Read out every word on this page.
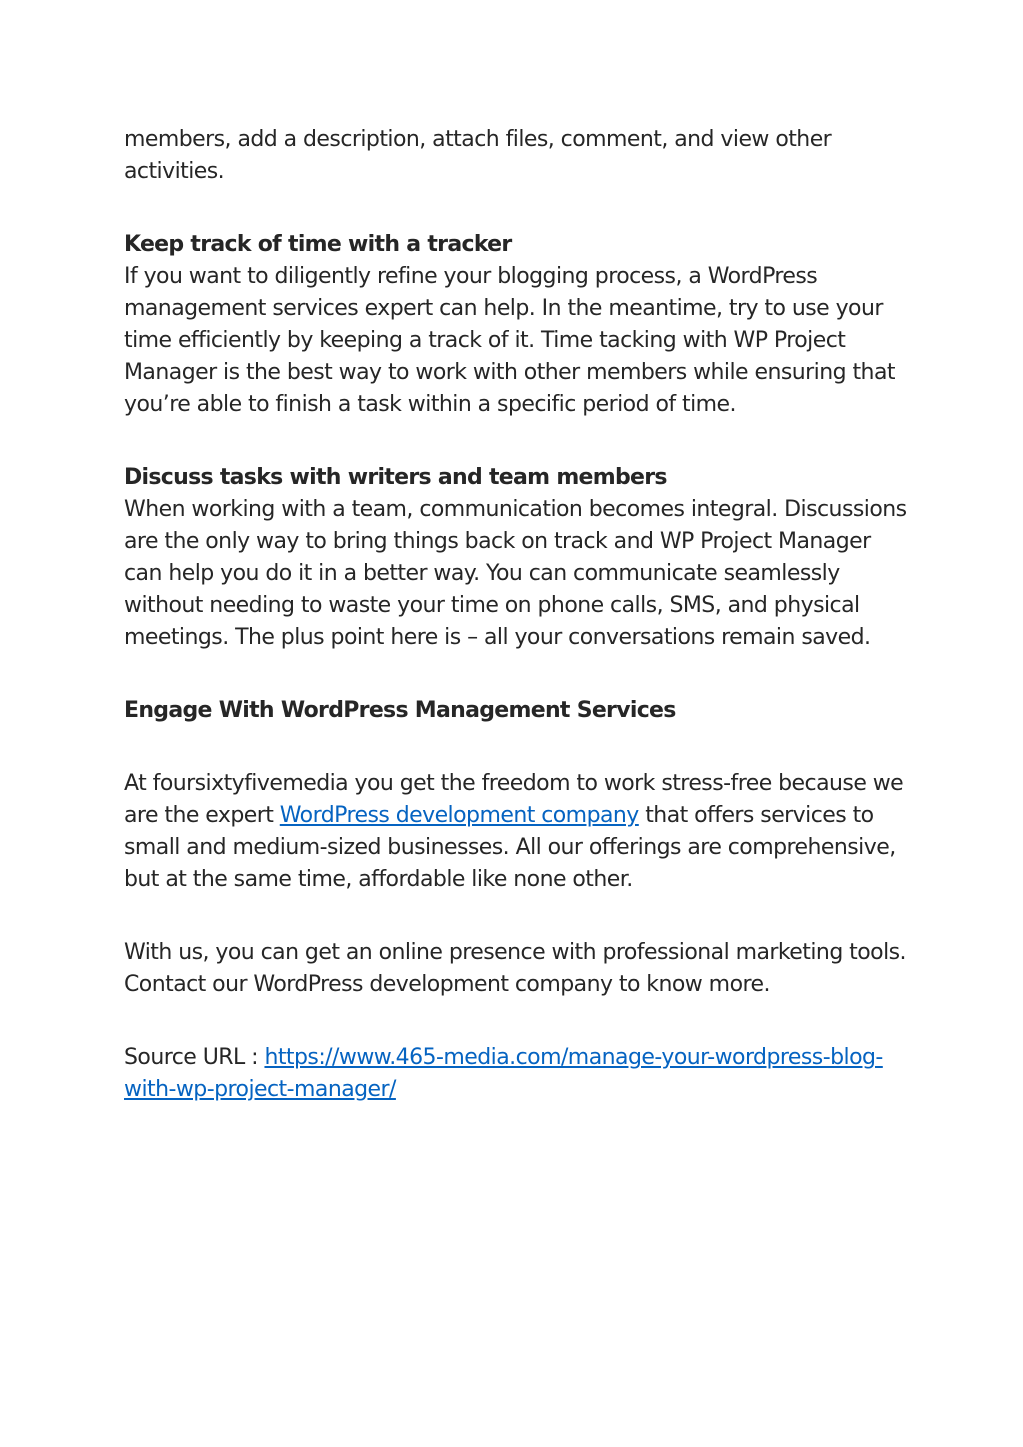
members, add a description, attach files, comment, and view other activities.

Keep track of time with a tracker

If you want to diligently refine your blogging process, a WordPress management services expert can help. In the meantime, try to use your time efficiently by keeping a track of it. Time tacking with WP Project Manager is the best way to work with other members while ensuring that you’re able to finish a task within a specific period of time.

Discuss tasks with writers and team members

When working with a team, communication becomes integral. Discussions are the only way to bring things back on track and WP Project Manager can help you do it in a better way. You can communicate seamlessly without needing to waste your time on phone calls, SMS, and physical meetings. The plus point here is – all your conversations remain saved.

Engage With WordPress Management Services

At foursixtyfivemedia you get the freedom to work stress-free because we are the expert WordPress development company that offers services to small and medium-sized businesses. All our offerings are comprehensive, but at the same time, affordable like none other.

With us, you can get an online presence with professional marketing tools. Contact our WordPress development company to know more.

Source URL : https://www.465-media.com/manage-your-wordpress-blog-with-wp-project-manager/
